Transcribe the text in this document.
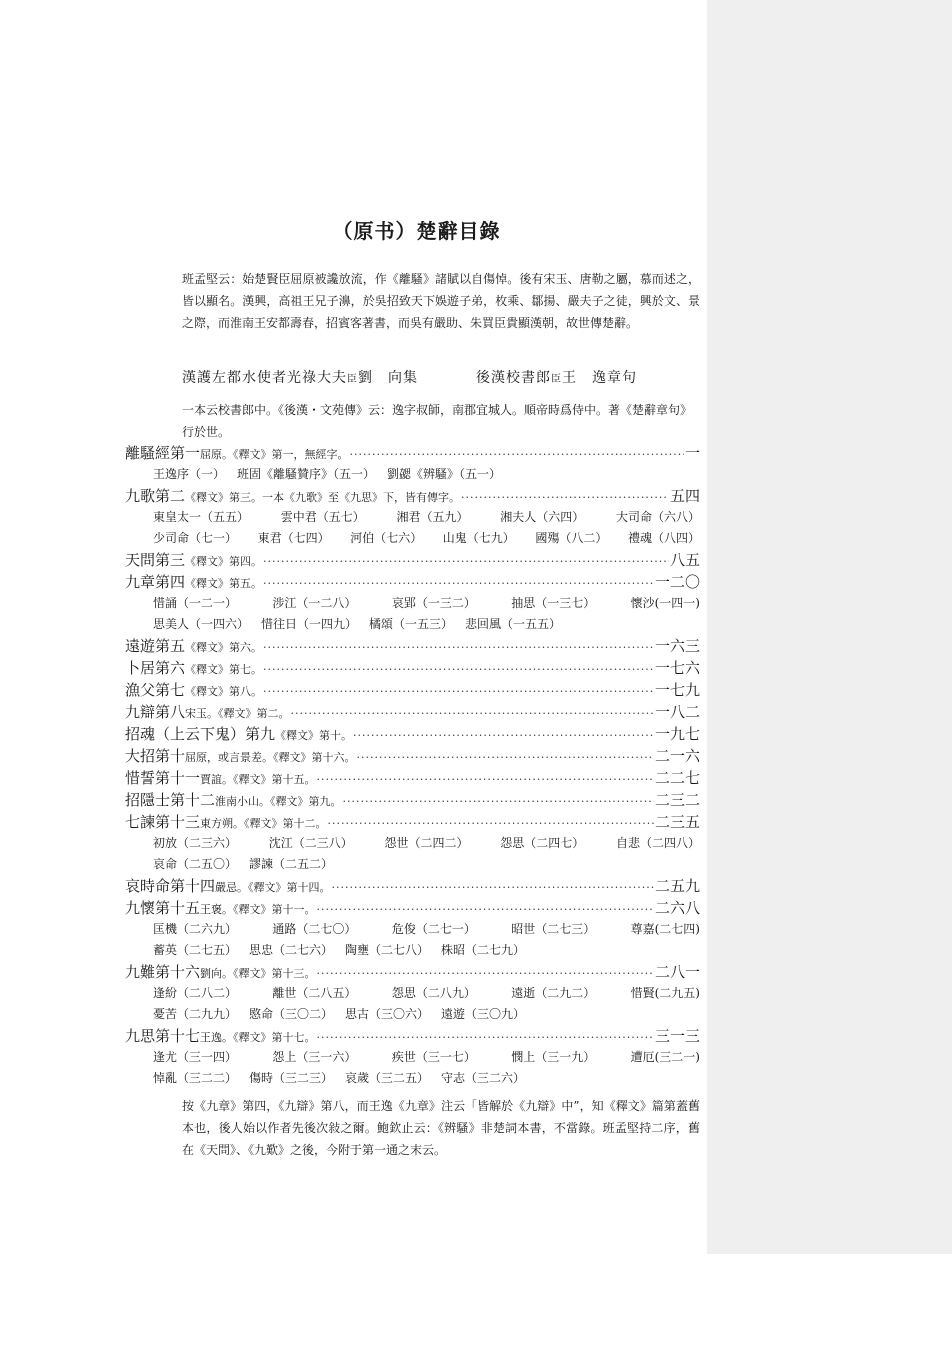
（原书）楚辭目錄
班孟堅云：始楚賢臣屈原被讒放流，作《離騷》諸賦以自傷悼。後有宋玉、唐勒之屬，慕而述之，皆以顯名。漢興，高祖王兄子濞，於吳招致天下娛遊子弟，枚乘、鄒揚、嚴夫子之徒，興於文、景之際，而淮南王安都壽春，招賓客著書，而吳有嚴助、朱買臣貴顯漢朝，故世傳楚辭。
漢護左都水使者光祿大夫臣劉　向集	後漢校書郎臣王　逸章句
一本云校書郎中。《後漢・文苑傳》云：逸字叔師，南郡宜城人。順帝時爲侍中。著《楚辭章句》行於世。
離騷經第一 屈原。《釋文》第一，無經字。 ·····	一
王逸序（一） 班固《離騷贊序》（五一） 劉勰《辨騷》（五一）
九歌第二 《釋文》第三。一本《九歌》至《九思》下，皆有傳字。 ·····	五四
東皇太一（五五）	雲中君（五七）	湘君（五九）	湘夫人（六四）	大司命（六八）
少司命（七一） 東君（七四） 河伯（七六） 山鬼（七九） 國殤（八二） 禮魂（八四）
天問第三 《釋文》第四。 ·····	八五
九章第四 《釋文》第五。 ·····	一二〇
惜誦（一二一）	涉江（一二八）	哀郢（一三二）	抽思（一三七）	懷沙(一四一)
思美人（一四六） 惜往日（一四九） 橘頌（一五三） 悲回風（一五五）
遠遊第五 《釋文》第六。 ·····	一六三
卜居第六 《釋文》第七。 ·····	一七六
漁父第七 《釋文》第八。 ·····	一七九
九辯第八 宋玉。《釋文》第二。 ·····	一八二
招魂（上云下鬼）第九 《釋文》第十。 ·····	一九七
大招第十 屈原，或言景差。《釋文》第十六。 ·····	二一六
惜誓第十一 賈誼。《釋文》第十五。 ·····	二二七
招隱士第十二 淮南小山。《釋文》第九。 ·····	二三二
七諫第十三 東方朔。《釋文》第十二。 ·····	二三五
初放（二三六）	沈江（二三八）	怨世（二四二）	怨思（二四七）	自悲（二四八）
哀命（二五〇） 謬諫（二五二）
哀時命第十四 嚴忌。《釋文》第十四。 ·····	二五九
九懷第十五 王褒。《釋文》第十一。 ·····	二六八
匡機（二六九）	通路（二七〇）	危俊（二七一）	昭世（二七三）	尊嘉(二七四)
蓄英（二七五） 思忠（二七六） 陶壅（二七八） 株昭（二七九）
九難第十六 劉向。《釋文》第十三。 ·····	二八一
逢紛（二八二）	離世（二八五）	怨思（二八九）	遠逝（二九二）	惜賢(二九五)
憂苦（二九九） 愍命（三〇二） 思古（三〇六） 遠遊（三〇九）
九思第十七 王逸。《釋文》第十七。 ·····	三一三
逢尤（三一四）	怨上（三一六）	疾世（三一七）	憫上（三一九）	遭厄(三二一)
悼亂（三二二） 傷時（三二三） 哀歲（三二五） 守志（三二六）
按《九章》第四，《九辯》第八，而王逸《九章》注云「皆解於《九辯》中”，知《釋文》篇第蓋舊本也，後人始以作者先後次敍之爾。鮑欽止云：《辨騷》非楚詞本書，不當錄。班孟堅持二序，舊在《天問》、《九歎》之後，今附于第一通之末云。
